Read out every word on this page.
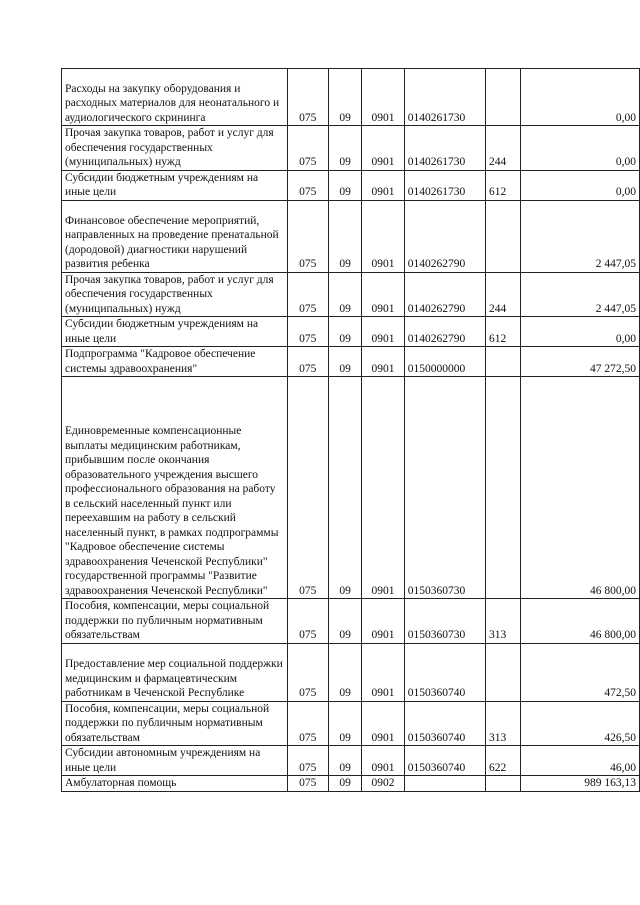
Расходы на закупку оборудования и расходных материалов для неонатального и аудиологического скрининга	075	09	0901	0140261730		0,00
Прочая закупка товаров, работ и услуг для обеспечения государственных (муниципальных) нужд	075	09	0901	0140261730	244	0,00
Субсидии бюджетным учреждениям на иные цели	075	09	0901	0140261730	612	0,00
Финансовое обеспечение мероприятий, направленных на проведение пренатальной (дородовой) диагностики нарушений развития ребенка	075	09	0901	0140262790		2 447,05
Прочая закупка товаров, работ и услуг для обеспечения государственных (муниципальных) нужд	075	09	0901	0140262790	244	2 447,05
Субсидии бюджетным учреждениям на иные цели	075	09	0901	0140262790	612	0,00
Подпрограмма "Кадровое обеспечение системы здравоохранения"	075	09	0901	0150000000		47 272,50
Единовременные компенсационные выплаты медицинским работникам, прибывшим после окончания образовательного учреждения высшего профессионального образования на работу в сельский населенный пункт или переехавшим на работу в сельский населенный пункт, в рамках подпрограммы "Кадровое обеспечение системы здравоохранения Чеченской Республики" государственной программы "Развитие здравоохранения Чеченской Республики"	075	09	0901	0150360730		46 800,00
Пособия, компенсации, меры социальной поддержки по публичным нормативным обязательствам	075	09	0901	0150360730	313	46 800,00
Предоставление мер социальной поддержки медицинским и фармацевтическим работникам в Чеченской Республике	075	09	0901	0150360740		472,50
Пособия, компенсации, меры социальной поддержки по публичным нормативным обязательствам	075	09	0901	0150360740	313	426,50
Субсидии автономным учреждениям на иные цели	075	09	0901	0150360740	622	46,00
Амбулаторная помощь	075	09	0902			989 163,13
